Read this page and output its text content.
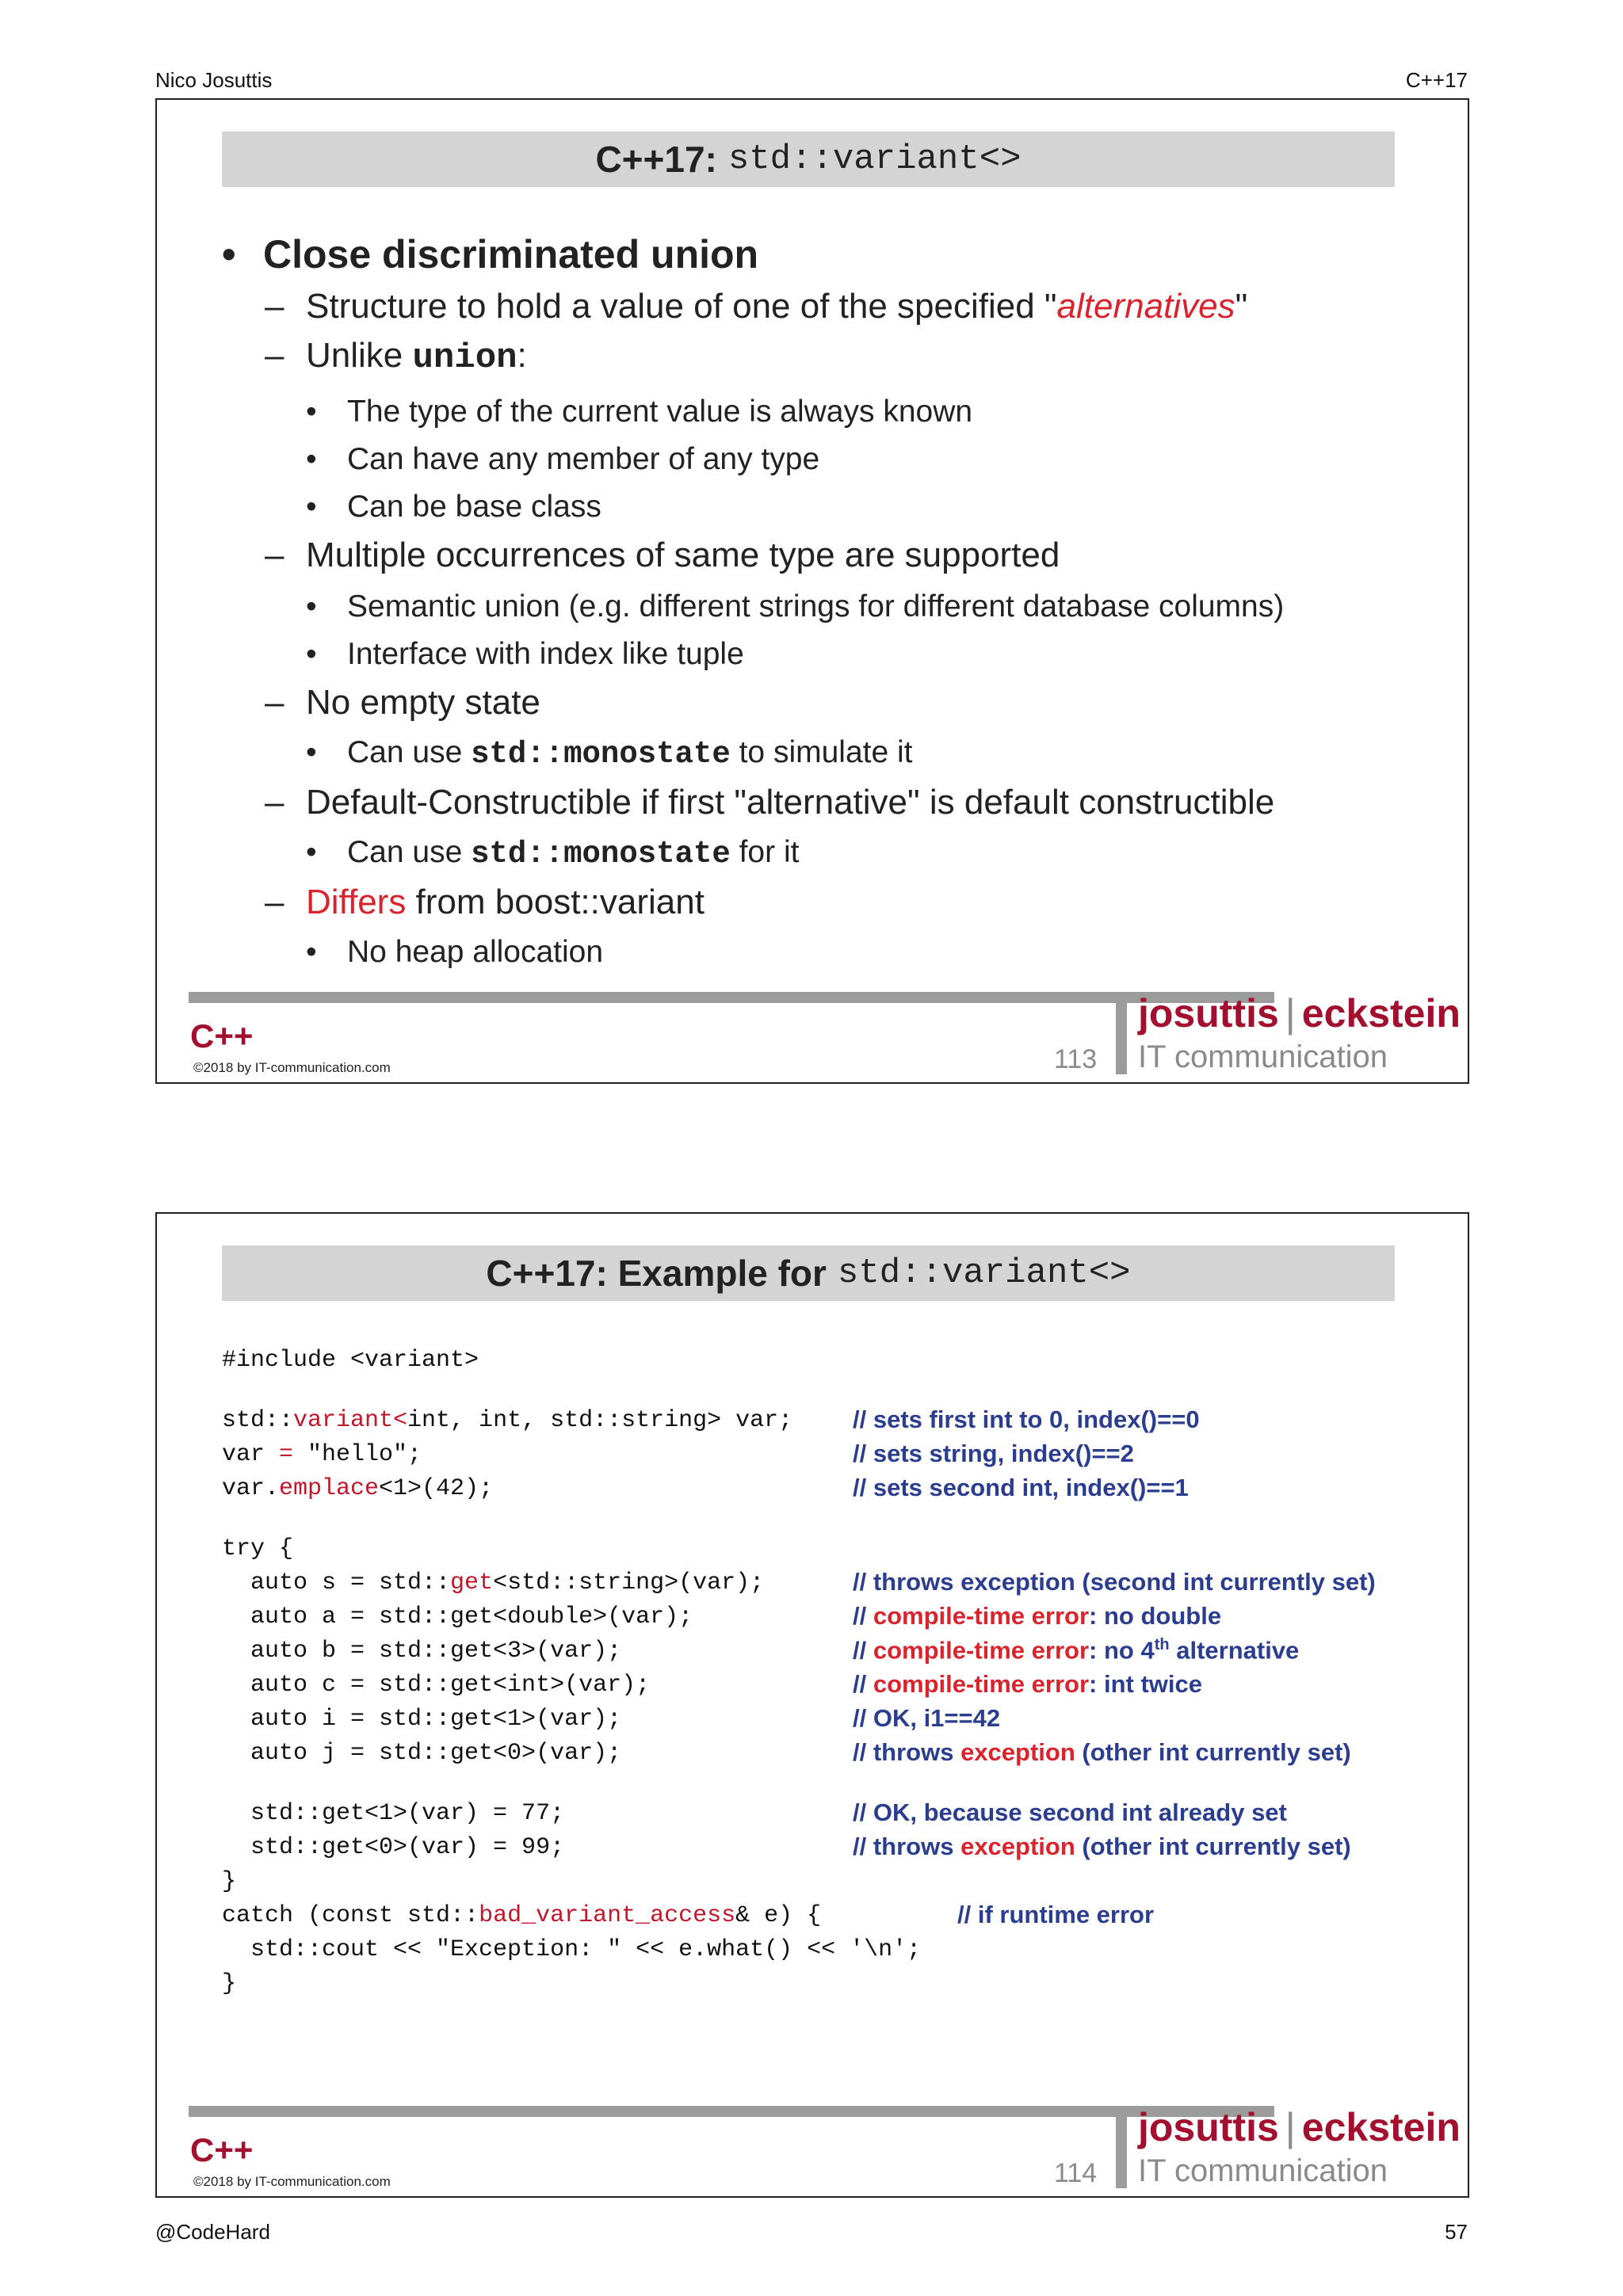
Nico Josuttis	C++17
C++17: std::variant<>
• Close discriminated union
– Structure to hold a value of one of the specified "alternatives"
– Unlike union:
• The type of the current value is always known
• Can have any member of any type
• Can be base class
– Multiple occurrences of same type are supported
• Semantic union (e.g. different strings for different database columns)
• Interface with index like tuple
– No empty state
• Can use std::monostate to simulate it
– Default-Constructible if first "alternative" is default constructible
• Can use std::monostate for it
– Differs from boost::variant
• No heap allocation
C++
©2018 by IT-communication.com	113
josuttis | eckstein
IT communication
C++17: Example for std::variant<>
#include <variant>
std::variant<int, int, std::string> var;
var = "hello";
var.emplace<1>(42);
try {
auto s = std::get<std::string>(var);
auto a = std::get<double>(var);
auto b = std::get<3>(var);
auto c = std::get<int>(var);
auto i = std::get<1>(var);
auto j = std::get<0>(var);
std::get<1>(var) = 77;
std::get<0>(var) = 99;
}
catch (const std::bad_variant_access& e) {
std::cout << "Exception: " << e.what() << '\n';
}
// sets first int to 0, index()==0
// sets string, index()==2
// sets second int, index()==1
// throws exception (second int currently set)
// compile-time error: no double
// compile-time error: no 4th alternative
// compile-time error: int twice
// OK, i1==42
// throws exception (other int currently set)
// OK, because second int already set
// throws exception (other int currently set)
// if runtime error
C++
©2018 by IT-communication.com	114
josuttis | eckstein
IT communication
@CodeHard	57
